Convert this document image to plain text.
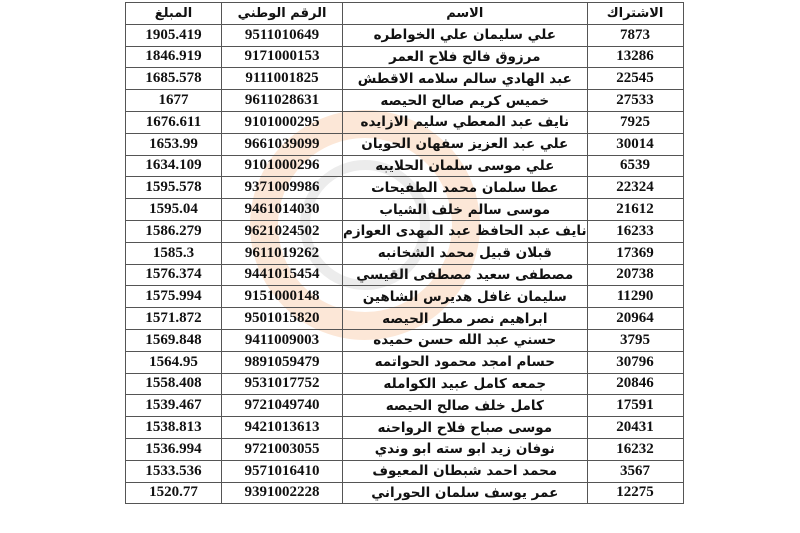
المبلغ	الرقم الوطني	الاسم	الاشتراك
1905.419	9511010649	علي سليمان علي الخواطره	7873
1846.919	9171000153	مرزوق فالح فلاح العمر	13286
1685.578	9111001825	عبد الهادي سالم سلامه الاقطش	22545
1677	9611028631	خميس كريم صالح الحيصه	27533
1676.611	9101000295	نايف عبد المعطي سليم الازايده	7925
1653.99	9661039099	علي عبد العزيز سفهان الحويان	30014
1634.109	9101000296	علي موسى سلمان الحلايبه	6539
1595.578	9371009986	عطا سلمان محمد الطفيحات	22324
1595.04	9461014030	موسى سالم خلف الشياب	21612
1586.279	9621024502	نايف عبد الحافظ عبد المهدى العوازم	16233
1585.3	9611019262	قبلان قبيل محمد الشخانبه	17369
1576.374	9441015454	مصطفى سعيد مصطفى القيسي	20738
1575.994	9151000148	سليمان غافل هديرس الشاهين	11290
1571.872	9501015820	ابراهيم نصر مطر الحيصه	20964
1569.848	9411009003	حسني عبد الله حسن حميده	3795
1564.95	9891059479	حسام امجد محمود الحواتمه	30796
1558.408	9531017752	جمعه كامل عبيد الكوامله	20846
1539.467	9721049740	كامل خلف صالح الحيصه	17591
1538.813	9421013613	موسى صباح فلاح الرواحنه	20431
1536.994	9721003055	نوفان زيد ابو سته ابو وندي	16232
1533.536	9571016410	محمد احمد شبطان المعيوف	3567
1520.77	9391002228	عمر يوسف سلمان الحوراني	12275
